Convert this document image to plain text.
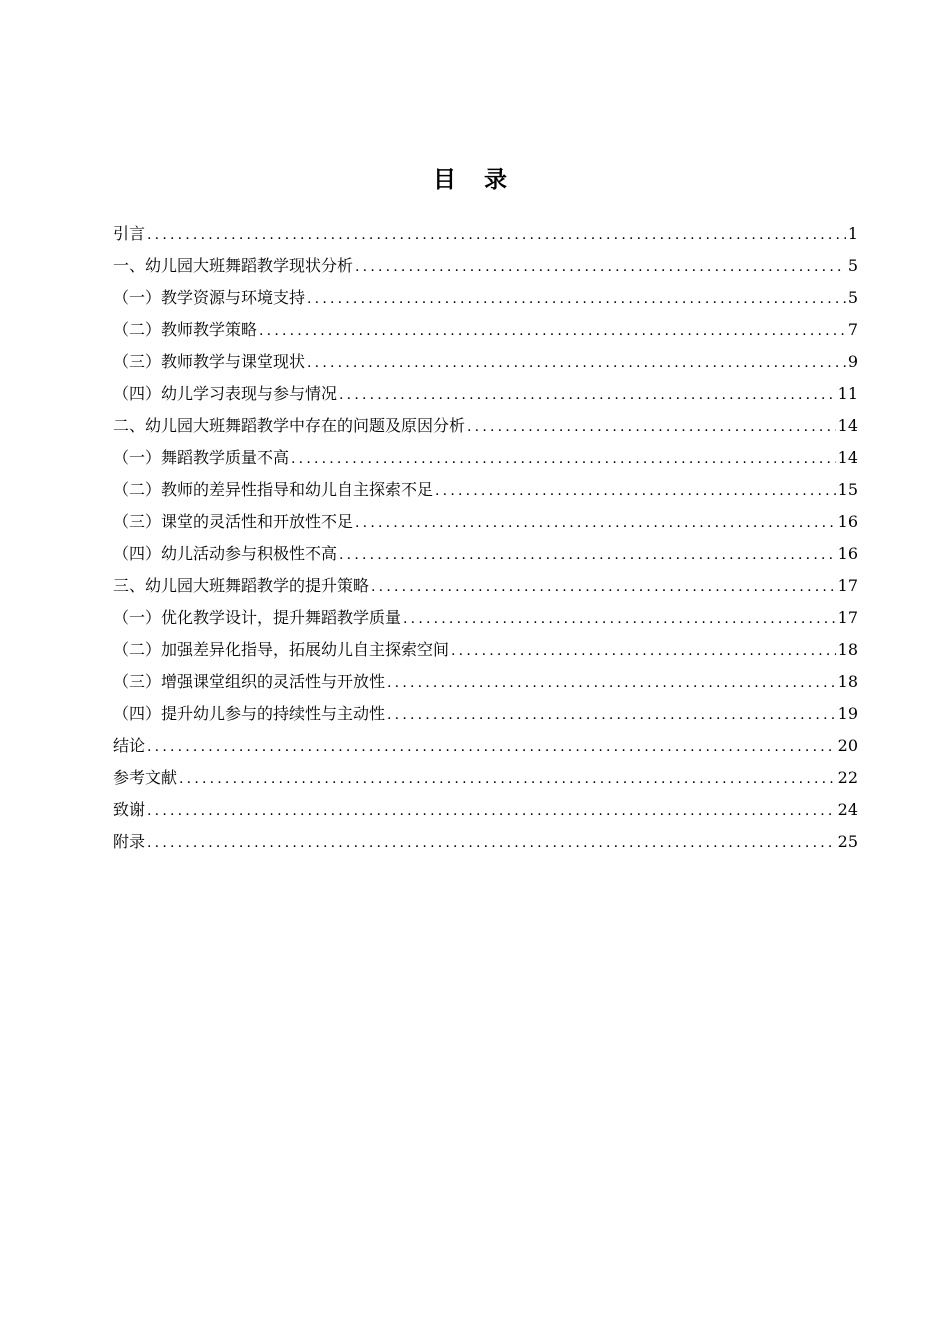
目 录
引言 .....	1
一、幼儿园大班舞蹈教学现状分析 .....	5
（一）教学资源与环境支持 .....	5
（二）教师教学策略 .....	7
（三）教师教学与课堂现状 .....	9
（四）幼儿学习表现与参与情况 .....	11
二、幼儿园大班舞蹈教学中存在的问题及原因分析 .....	14
（一）舞蹈教学质量不高 .....	14
（二）教师的差异性指导和幼儿自主探索不足 .....	15
（三）课堂的灵活性和开放性不足 .....	16
（四）幼儿活动参与积极性不高 .....	16
三、幼儿园大班舞蹈教学的提升策略 .....	17
（一）优化教学设计，提升舞蹈教学质量 .....	17
（二）加强差异化指导，拓展幼儿自主探索空间 .....	18
（三）增强课堂组织的灵活性与开放性 .....	18
（四）提升幼儿参与的持续性与主动性 .....	19
结论 .....	20
参考文献 .....	22
致谢 .....	24
附录 .....	25
